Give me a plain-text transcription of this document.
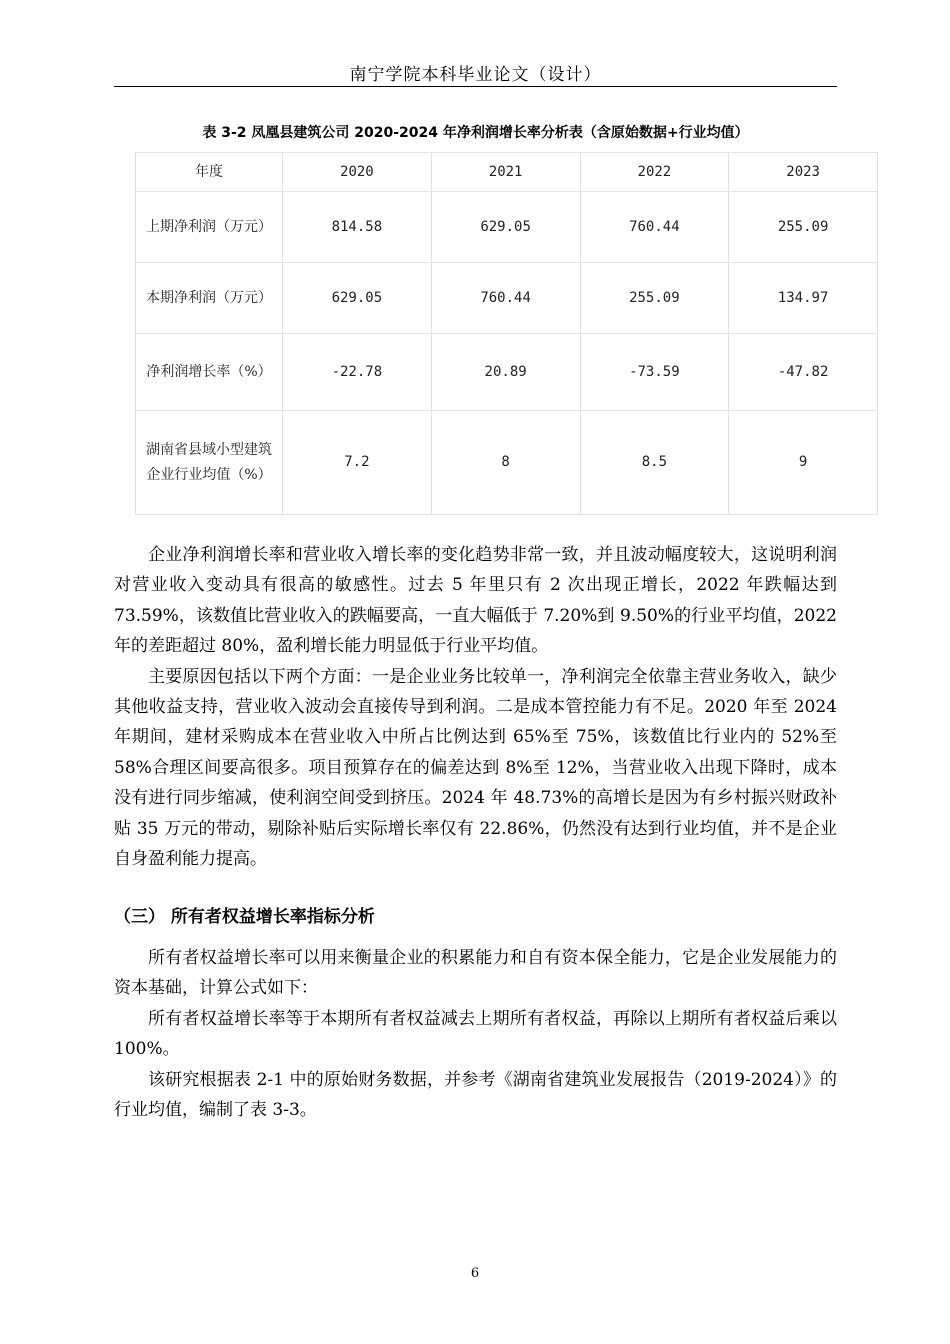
南宁学院本科毕业论文（设计）
表 3-2 凤凰县建筑公司 2020-2024 年净利润增长率分析表（含原始数据+行业均值）
年度	2020	2021	2022	2023
上期净利润（万元）	814.58	629.05	760.44	255.09
本期净利润（万元）	629.05	760.44	255.09	134.97
净利润增长率（%）	-22.78	20.89	-73.59	-47.82
湖南省县域小型建筑企业行业均值（%）	7.2	8	8.5	9

企业净利润增长率和营业收入增长率的变化趋势非常一致，并且波动幅度较大，这说明利润对营业收入变动具有很高的敏感性。过去 5 年里只有 2 次出现正增长，2022 年跌幅达到 73.59%，该数值比营业收入的跌幅要高，一直大幅低于 7.20%到 9.50%的行业平均值，2022 年的差距超过 80%，盈利增长能力明显低于行业平均值。

主要原因包括以下两个方面：一是企业业务比较单一，净利润完全依靠主营业务收入，缺少其他收益支持，营业收入波动会直接传导到利润。二是成本管控能力有不足。2020 年至 2024 年期间，建材采购成本在营业收入中所占比例达到 65%至 75%，该数值比行业内的 52%至 58%合理区间要高很多。项目预算存在的偏差达到 8%至 12%，当营业收入出现下降时，成本没有进行同步缩减，使利润空间受到挤压。2024 年 48.73%的高增长是因为有乡村振兴财政补贴 35 万元的带动，剔除补贴后实际增长率仅有 22.86%，仍然没有达到行业均值，并不是企业自身盈利能力提高。

（三） 所有者权益增长率指标分析

所有者权益增长率可以用来衡量企业的积累能力和自有资本保全能力，它是企业发展能力的资本基础，计算公式如下：

所有者权益增长率等于本期所有者权益减去上期所有者权益，再除以上期所有者权益后乘以 100%。

该研究根据表 2-1 中的原始财务数据，并参考《湖南省建筑业发展报告（2019-2024）》的行业均值，编制了表 3-3。

6
